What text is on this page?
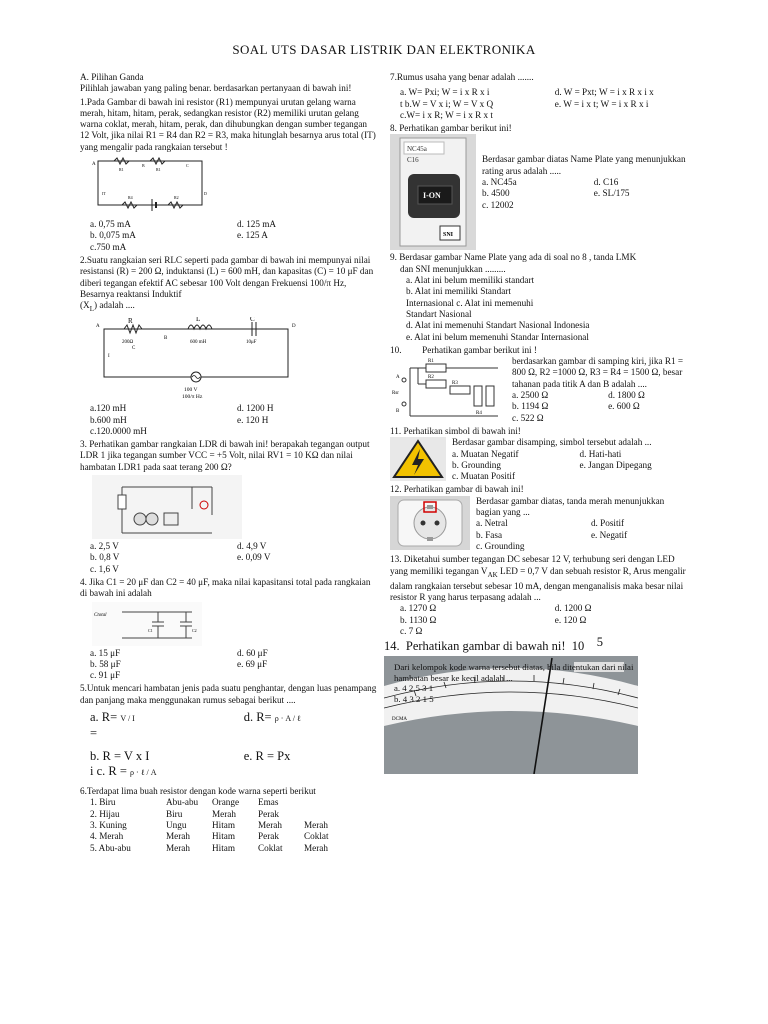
SOAL UTS DASAR LISTRIK DAN ELEKTRONIKA
A. Pilihan Ganda
Pilihlah jawaban yang paling benar. berdasarkan pertanyaan di bawah ini!
1.Pada Gambar di bawah ini resistor (R1) mempunyai urutan gelang warna merah, hitam, hitam, perak, sedangkan resistor (R2) memiliki urutan gelang warna coklat, merah, hitam, perak, dan dihubungkan dengan sumber tegangan 12 Volt, jika nilai R1 = R4 dan R2 = R3, maka hitunglah besarnya arus total (IT) yang mengalir pada rangkaian tersebut !
A
R1
B
R1
C
R4	R2
IT	D
a. 0,75 mA	d. 125 mA
b. 0,075 mA	e. 125 A
c.750 mA
2.Suatu rangkaian seri RLC seperti pada gambar di bawah ini mempunyai nilai resistansi (R) = 200 Ω, induktansi (L) = 600 mH, dan kapasitas (C) = 10 μF dan diberi tegangan efektif AC sebesar 100 Volt dengan Frekuensi 100/π Hz, Besarnya reaktansi Induktif
$(X_L)$ adalah ....
R	L	C
A
B
C
D
200Ω	600 mH	10μF
I
100 V
100/π Hz
a.120 mH	d. 1200 H
b.600 mH	e. 120 H
c.120.0000 mH
3. Perhatikan gambar rangkaian LDR di bawah ini! berapakah tegangan output LDR 1 jika tegangan sumber VCC = +5 Volt, nilai RV1 = 10 KΩ dan nilai hambatan LDR1 pada saat terang 200 Ω?
a. 2,5 V	d. 4,9 V
b. 0,8 V	e. 0,09 V
c. 1,6 V
4. Jika C1 = 20 μF dan C2 = 40 μF, maka nilai kapasitansi total pada rangkaian di bawah ini adalah
Ctotal
C1	C2
a. 15 μF	d. 60 μF
b. 58 μF	e. 69 μF
c. 91 μF
5.Untuk mencari hambatan jenis pada suatu penghantar, dengan luas penampang dan panjang maka menggunakan rumus sebagai berikut ....
a. R= V / I	d. R= ρ · A / ℓ
=
b. R = V x I	e. R = Px
i c. R = ρ · ℓ / A
6.Terdapat lima buah resistor dengan kode warna seperti berikut
1. Biru	Abu-abu	Orange	Emas
2. Hijau	Biru	Merah	Perak
3. Kuning	Ungu	Hitam	Merah	Merah
4. Merah	Merah	Hitam	Perak	Coklat
5. Abu-abu	Merah	Hitam	Coklat	Merah
7.Rumus usaha yang benar adalah .......
a. W= Pxi; W = i x R x i	d. W = Pxt; W = i x R x i x
t b.W = V x i; W = V x Q	e. W = i x t; W = i x R x i
c.W= i x R; W = i x R x t
8. Perhatikan gambar berikut ini!
NC45a
C16
I-ON
SNI
Berdasar gambar diatas Name Plate yang menunjukkan rating arus adalah .....
a. NC45a	d. C16
b. 4500	e. SL/175
c. 12002
9. Berdasar gambar Name Plate yang ada di soal no 8 , tanda LMK
dan SNI menunjukkan .........
a. Alat ini belum memiliki standart
b. Alat ini memiliki Standart
Internasional c. Alat ini memenuhi
Standart Nasional
d. Alat ini memenuhi Standart Nasional Indonesia
e. Alat ini belum memenuhi Standar Internasional
10. Perhatikan gambar berikut ini !
R1
R2
R3
R4
A
B
Rsr
berdasarkan gambar di samping kiri, jika R1 = 800 Ω, R2 =1000 Ω, R3 = R4 = 1500 Ω, besar tahanan pada titik A dan B adalah ....
a. 2500 Ω	d. 1800 Ω
b. 1194 Ω	e. 600 Ω
c. 522 Ω
11. Perhatikan simbol di bawah ini!
Berdasar gambar disamping, simbol tersebut adalah ...
a. Muatan Negatif	d. Hati-hati
b. Grounding	e. Jangan Dipegang
c. Muatan Positif
12. Perhatikan gambar di bawah ini!
Berdasar gambar diatas, tanda merah menunjukkan bagian yang ...
a. Netral	d. Positif
b. Fasa	e. Negatif
c. Grounding
13. Diketahui sumber tegangan DC sebesar 12 V, terhubung seri dengan LED yang memiliki tegangan $V_{AK}$ LED = 0,7 V dan sebuah resistor R, Arus mengalir dalam rangkaian tersebut sebesar 10 mA, dengan menganalisis maka besar nilai resistor R yang harus terpasang adalah ...
a. 1270 Ω	d. 1200 Ω
b. 1130 Ω	e. 120 Ω
c. 7 Ω
14. Perhatikan gambar di bawah ni! 10 5
DCMA
Dari kelompok kode warna tersebut diatas, bila ditentukan dari nilai hambatan besar ke kecil adalah ...
a. 4 2 5 3 1
b. 4 3 2 1 5
